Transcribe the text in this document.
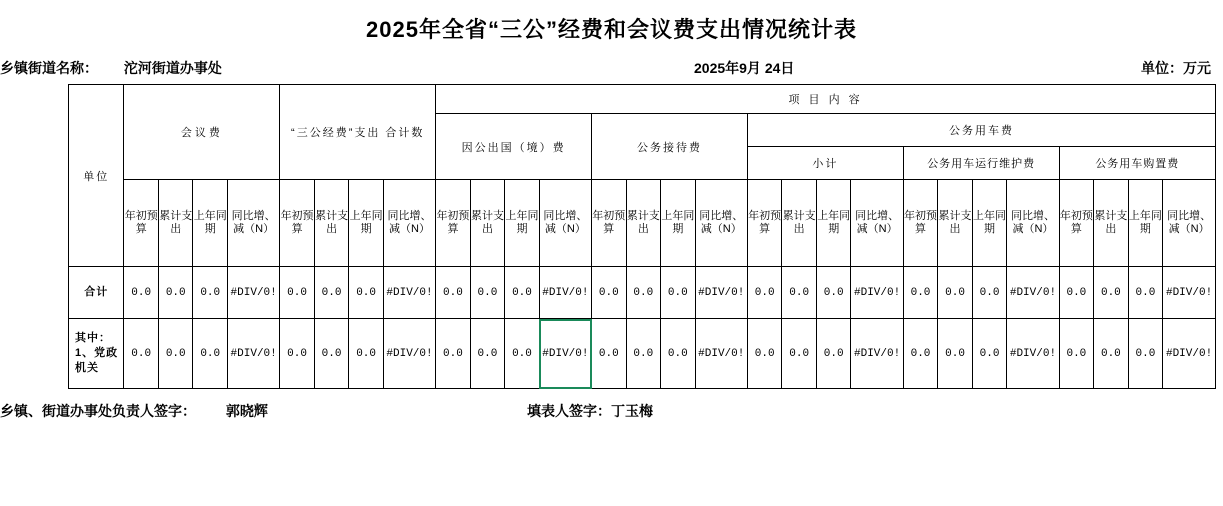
2025年全省“三公”经费和会议费支出情况统计表
乡镇街道名称： 沱河街道办事处	2025年9月 24日	单位：万元
单位	会议费				“三公经费”支出 合计数				项 目 内 容																			
									因公出国（境）费				公务接待费				公务用车费											
																	小计				公务用车运行维护费				公务用车购置费			

	年初预算	累计支出	上年同期	同比增、减（N）	年初预算	累计支出	上年同期	同比增、减（N）	年初预算	累计支出	上年同期	同比增、减（N）	年初预算	累计支出	上年同期	同比增、减（N）	年初预算	累计支出	上年同期	同比增、减（N）	年初预算	累计支出	上年同期	同比增、减（N）	年初预算	累计支出	上年同期	同比增、减（N）

合计	0.0	0.0	0.0	#DIV/0!	0.0	0.0	0.0	#DIV/0!	0.0	0.0	0.0	#DIV/0!	0.0	0.0	0.0	#DIV/0!	0.0	0.0	0.0	#DIV/0!	0.0	0.0	0.0	#DIV/0!	0.0	0.0	0.0	#DIV/0!
其中：
1、党政机关	0.0	0.0	0.0	#DIV/0!	0.0	0.0	0.0	#DIV/0!	0.0	0.0	0.0	#DIV/0!	0.0	0.0	0.0	#DIV/0!	0.0	0.0	0.0	#DIV/0!	0.0	0.0	0.0	#DIV/0!	0.0	0.0	0.0	#DIV/0!
乡镇、街道办事处负责人签字： 郭晓辉	填表人签字：丁玉梅
